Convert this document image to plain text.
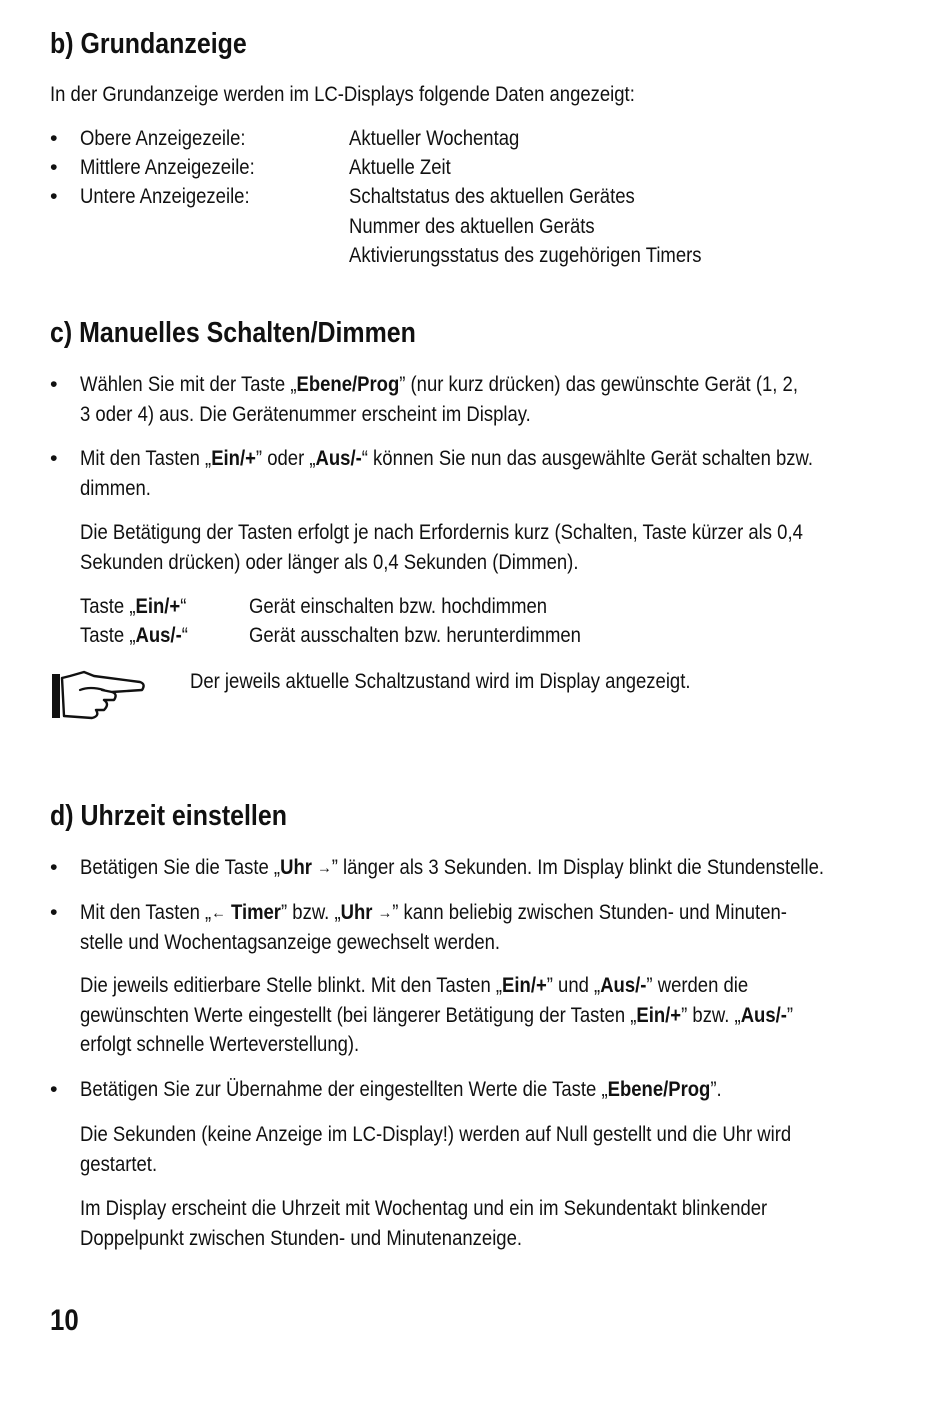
b) Grundanzeige
In der Grundanzeige werden im LC-Displays folgende Daten angezeigt:
• Obere Anzeigezeile:	Aktueller Wochentag
• Mittlere Anzeigezeile:	Aktuelle Zeit
• Untere Anzeigezeile:	Schaltstatus des aktuellen Gerätes
Nummer des aktuellen Geräts
Aktivierungsstatus des zugehörigen Timers
c) Manuelles Schalten/Dimmen
• Wählen Sie mit der Taste „Ebene/Prog” (nur kurz drücken) das gewünschte Gerät (1, 2,
3 oder 4) aus. Die Gerätenummer erscheint im Display.
• Mit den Tasten „Ein/+” oder „Aus/-“ können Sie nun das ausgewählte Gerät schalten bzw.
dimmen.
Die Betätigung der Tasten erfolgt je nach Erfordernis kurz (Schalten, Taste kürzer als 0,4
Sekunden drücken) oder länger als 0,4 Sekunden (Dimmen).
Taste „Ein/+“	Gerät einschalten bzw. hochdimmen
Taste „Aus/-“	Gerät ausschalten bzw. herunterdimmen
Der jeweils aktuelle Schaltzustand wird im Display angezeigt.
d) Uhrzeit einstellen
• Betätigen Sie die Taste „Uhr →” länger als 3 Sekunden. Im Display blinkt die Stundenstelle.
• Mit den Tasten „← Timer” bzw. „Uhr →” kann beliebig zwischen Stunden- und Minuten-
stelle und Wochentagsanzeige gewechselt werden.
Die jeweils editierbare Stelle blinkt. Mit den Tasten „Ein/+” und „Aus/-” werden die
gewünschten Werte eingestellt (bei längerer Betätigung der Tasten „Ein/+” bzw. „Aus/-”
erfolgt schnelle Werteverstellung).
• Betätigen Sie zur Übernahme der eingestellten Werte die Taste „Ebene/Prog”.
Die Sekunden (keine Anzeige im LC-Display!) werden auf Null gestellt und die Uhr wird
gestartet.
Im Display erscheint die Uhrzeit mit Wochentag und ein im Sekundentakt blinkender
Doppelpunkt zwischen Stunden- und Minutenanzeige.
10
